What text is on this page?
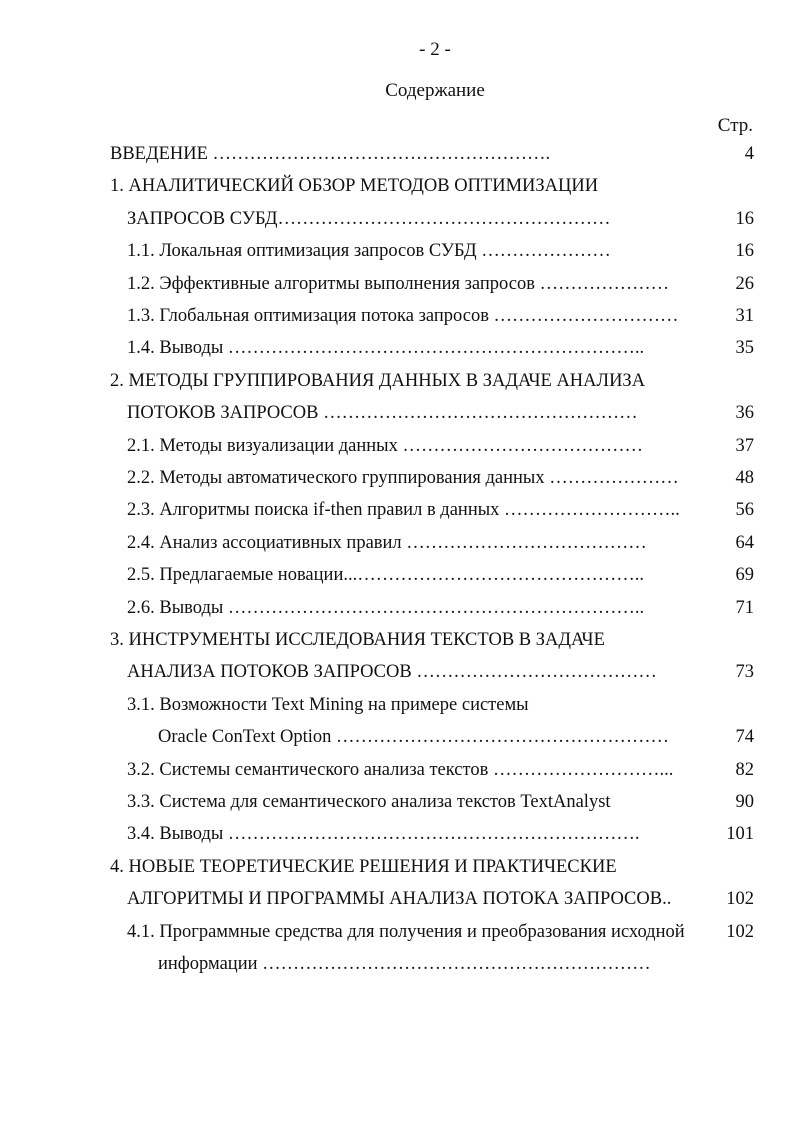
- 2 -
Содержание
Стр.
ВВЕДЕНИЕ ……………………………………………….	4
1. АНАЛИТИЧЕСКИЙ ОБЗОР МЕТОДОВ ОПТИМИЗАЦИИ
ЗАПРОСОВ СУБД………………………………………………	16
1.1. Локальная оптимизация запросов СУБД …………………	16
1.2. Эффективные алгоритмы выполнения запросов …………………	26
1.3. Глобальная оптимизация потока запросов …………………………	31
1.4. Выводы …………………………………………………………..	35
2. МЕТОДЫ ГРУППИРОВАНИЯ ДАННЫХ В ЗАДАЧЕ АНАЛИЗА
ПОТОКОВ ЗАПРОСОВ ……………………………………………	36
2.1. Методы визуализации данных …………………………………	37
2.2. Методы автоматического группирования данных …………………	48
2.3. Алгоритмы поиска if-then правил в данных ………………………..	56
2.4. Анализ ассоциативных правил …………………………………	64
2.5. Предлагаемые новации...………………………………………..	69
2.6. Выводы …………………………………………………………..	71
3. ИНСТРУМЕНТЫ ИССЛЕДОВАНИЯ ТЕКСТОВ В ЗАДАЧЕ
АНАЛИЗА ПОТОКОВ ЗАПРОСОВ …………………………………	73
3.1. Возможности Text Mining на примере системы
Oracle ConText Option ………………………………………………	74
3.2. Системы семантического анализа текстов ………………………...	82
3.3. Система для семантического анализа текстов TextAnalyst	90
3.4. Выводы ………………………………………………………….	101
4. НОВЫЕ ТЕОРЕТИЧЕСКИЕ РЕШЕНИЯ И ПРАКТИЧЕСКИЕ
АЛГОРИТМЫ И ПРОГРАММЫ АНАЛИЗА ПОТОКА ЗАПРОСОВ..	102
4.1. Программные средства для получения и преобразования исходной 102
информации ………………………………………………………
